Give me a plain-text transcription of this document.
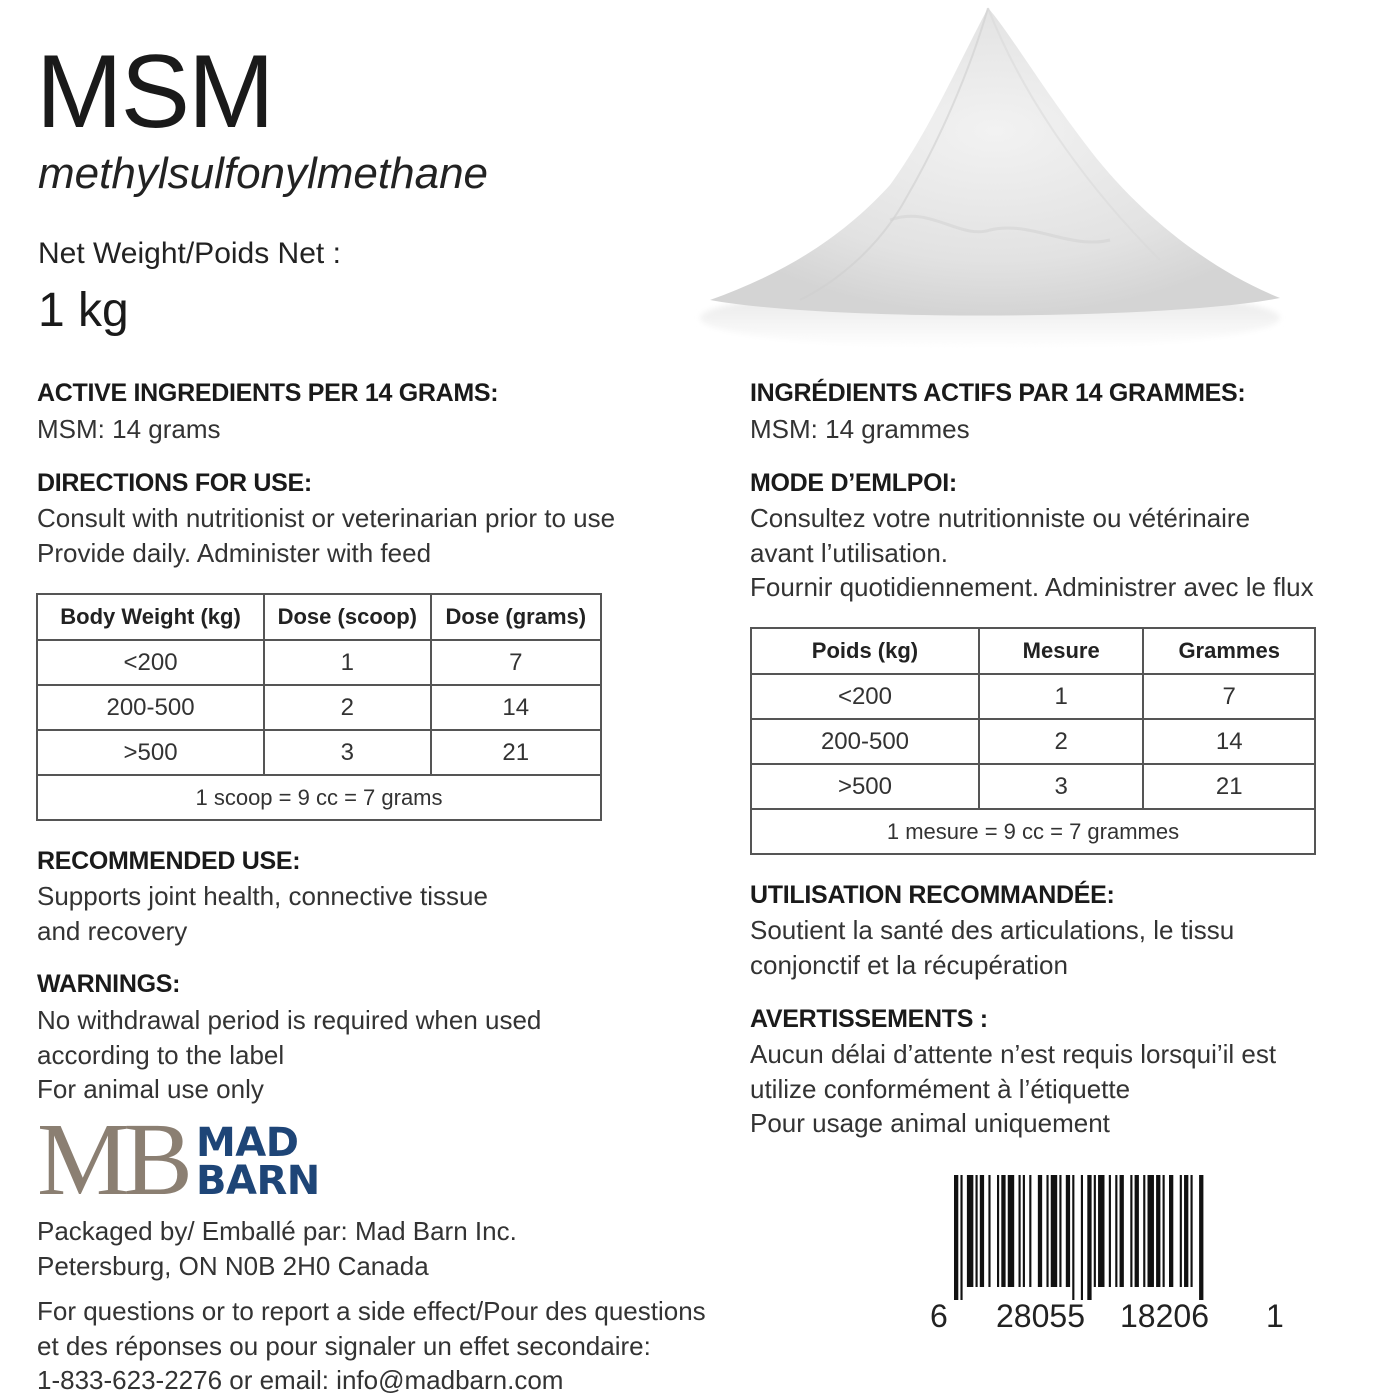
MSM
methylsulfonylmethane
Net Weight/Poids Net :
1 kg
ACTIVE INGREDIENTS PER 14 GRAMS:
MSM: 14 grams
DIRECTIONS FOR USE:
Consult with nutritionist or veterinarian prior to use
Provide daily. Administer with feed
Body Weight (kg)	Dose (scoop)	Dose (grams)
<200	1	7
200-500	2	14
>500	3	21
1 scoop = 9 cc = 7 grams		
RECOMMENDED USE:
Supports joint health, connective tissue
and recovery
WARNINGS:
No withdrawal period is required when used
according to the label
For animal use only
MB MAD
BARN
Packaged by/ Emballé par: Mad Barn Inc.
Petersburg, ON N0B 2H0 Canada
For questions or to report a side effect/Pour des questions
et des réponses ou pour signaler un effet secondaire:
1-833-623-2276 or email: info@madbarn.com
INGRÉDIENTS ACTIFS PAR 14 GRAMMES:
MSM: 14 grammes
MODE D’EMLPOI:
Consultez votre nutritionniste ou vétérinaire
avant l’utilisation.
Fournir quotidiennement. Administrer avec le flux
Poids (kg)	Mesure	Grammes
<200	1	7
200-500	2	14
>500	3	21
1 mesure = 9 cc = 7 grammes		
UTILISATION RECOMMANDÉE:
Soutient la santé des articulations, le tissu
conjonctif et la récupération
AVERTISSEMENTS :
Aucun délai d’attente n’est requis lorsqui’il est
utilize conformément à l’étiquette
Pour usage animal uniquement
6 28055 18206 1
